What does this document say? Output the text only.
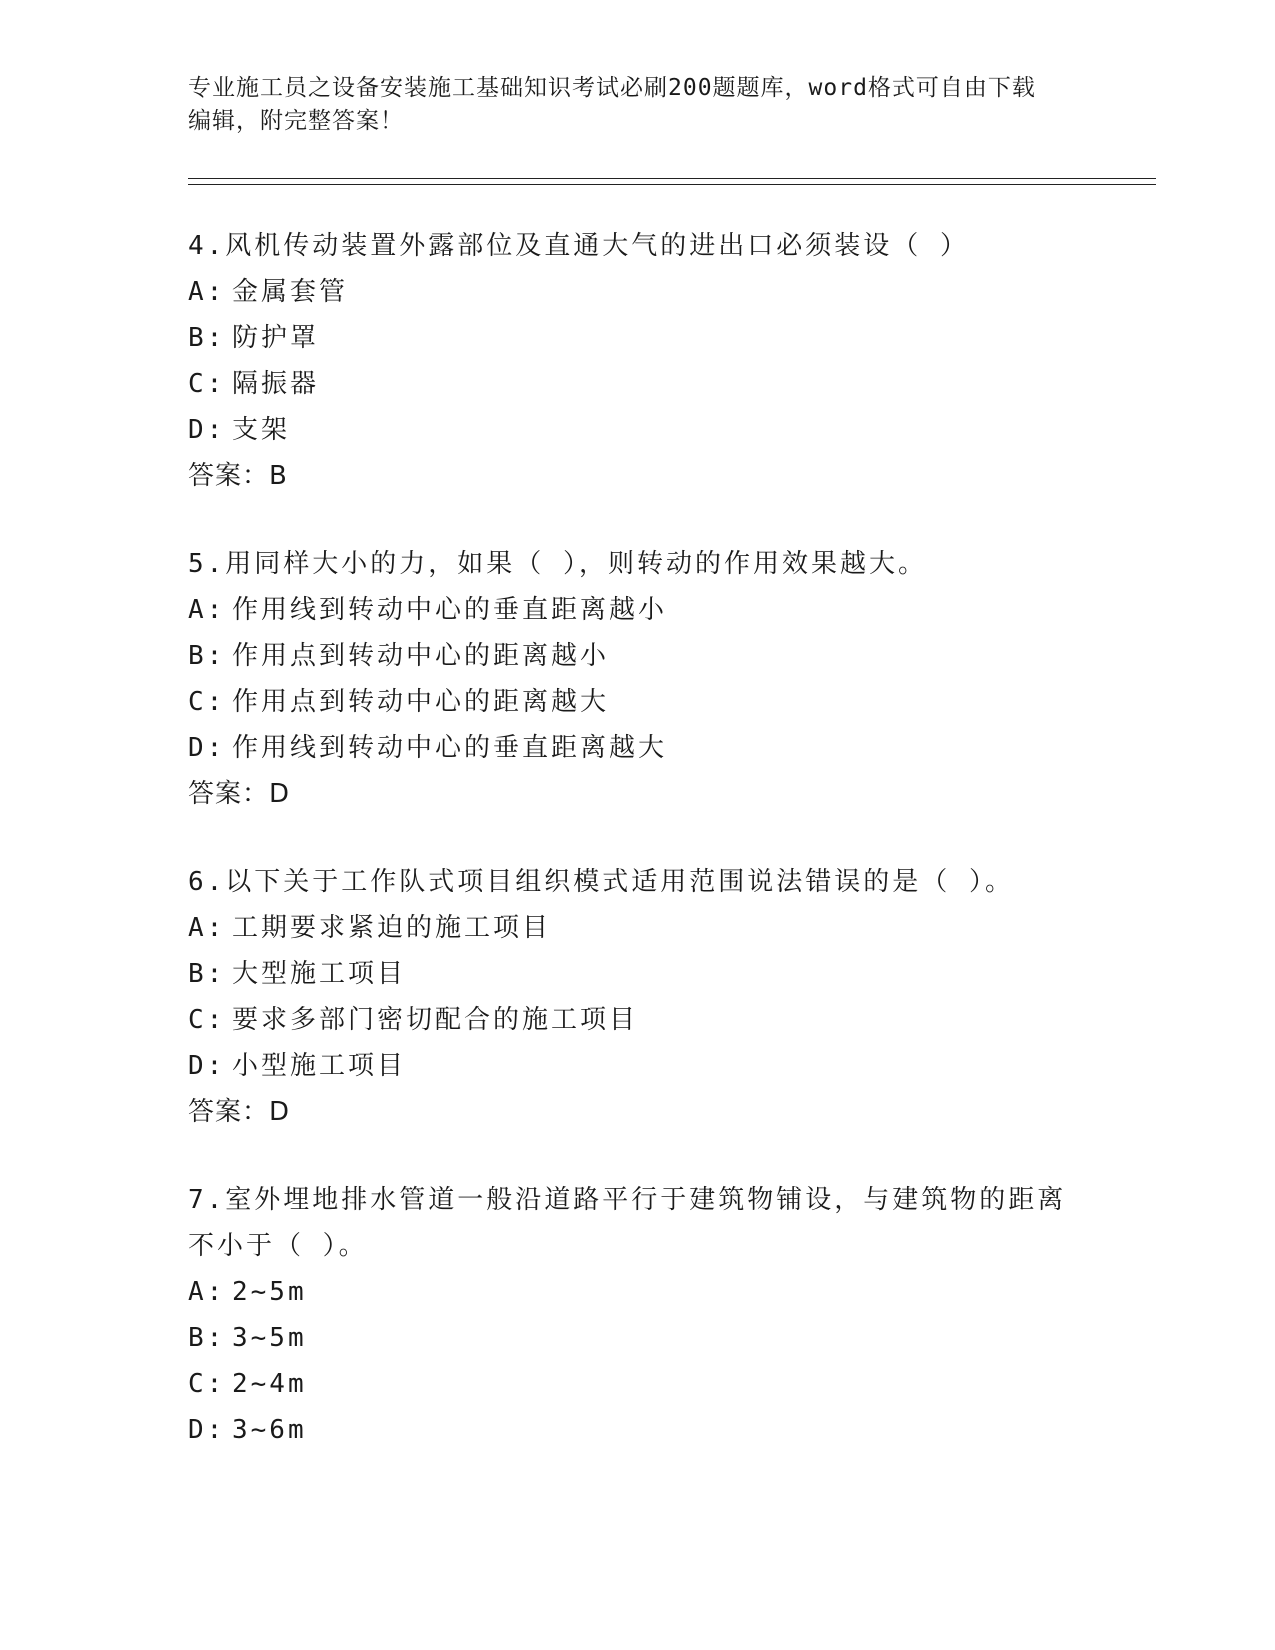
专业施工员之设备安装施工基础知识考试必刷200题题库，word格式可自由下载
编辑，附完整答案！
4.风机传动装置外露部位及直通大气的进出口必须装设（ ）
A: 金属套管
B: 防护罩
C: 隔振器
D: 支架
答案：B
5.用同样大小的力，如果（ ），则转动的作用效果越大。
A: 作用线到转动中心的垂直距离越小
B: 作用点到转动中心的距离越小
C: 作用点到转动中心的距离越大
D: 作用线到转动中心的垂直距离越大
答案：D
6.以下关于工作队式项目组织模式适用范围说法错误的是（ ）。
A: 工期要求紧迫的施工项目
B: 大型施工项目
C: 要求多部门密切配合的施工项目
D: 小型施工项目
答案：D
7.室外埋地排水管道一般沿道路平行于建筑物铺设，与建筑物的距离
不小于（ ）。
A: 2~5m
B: 3~5m
C: 2~4m
D: 3~6m
